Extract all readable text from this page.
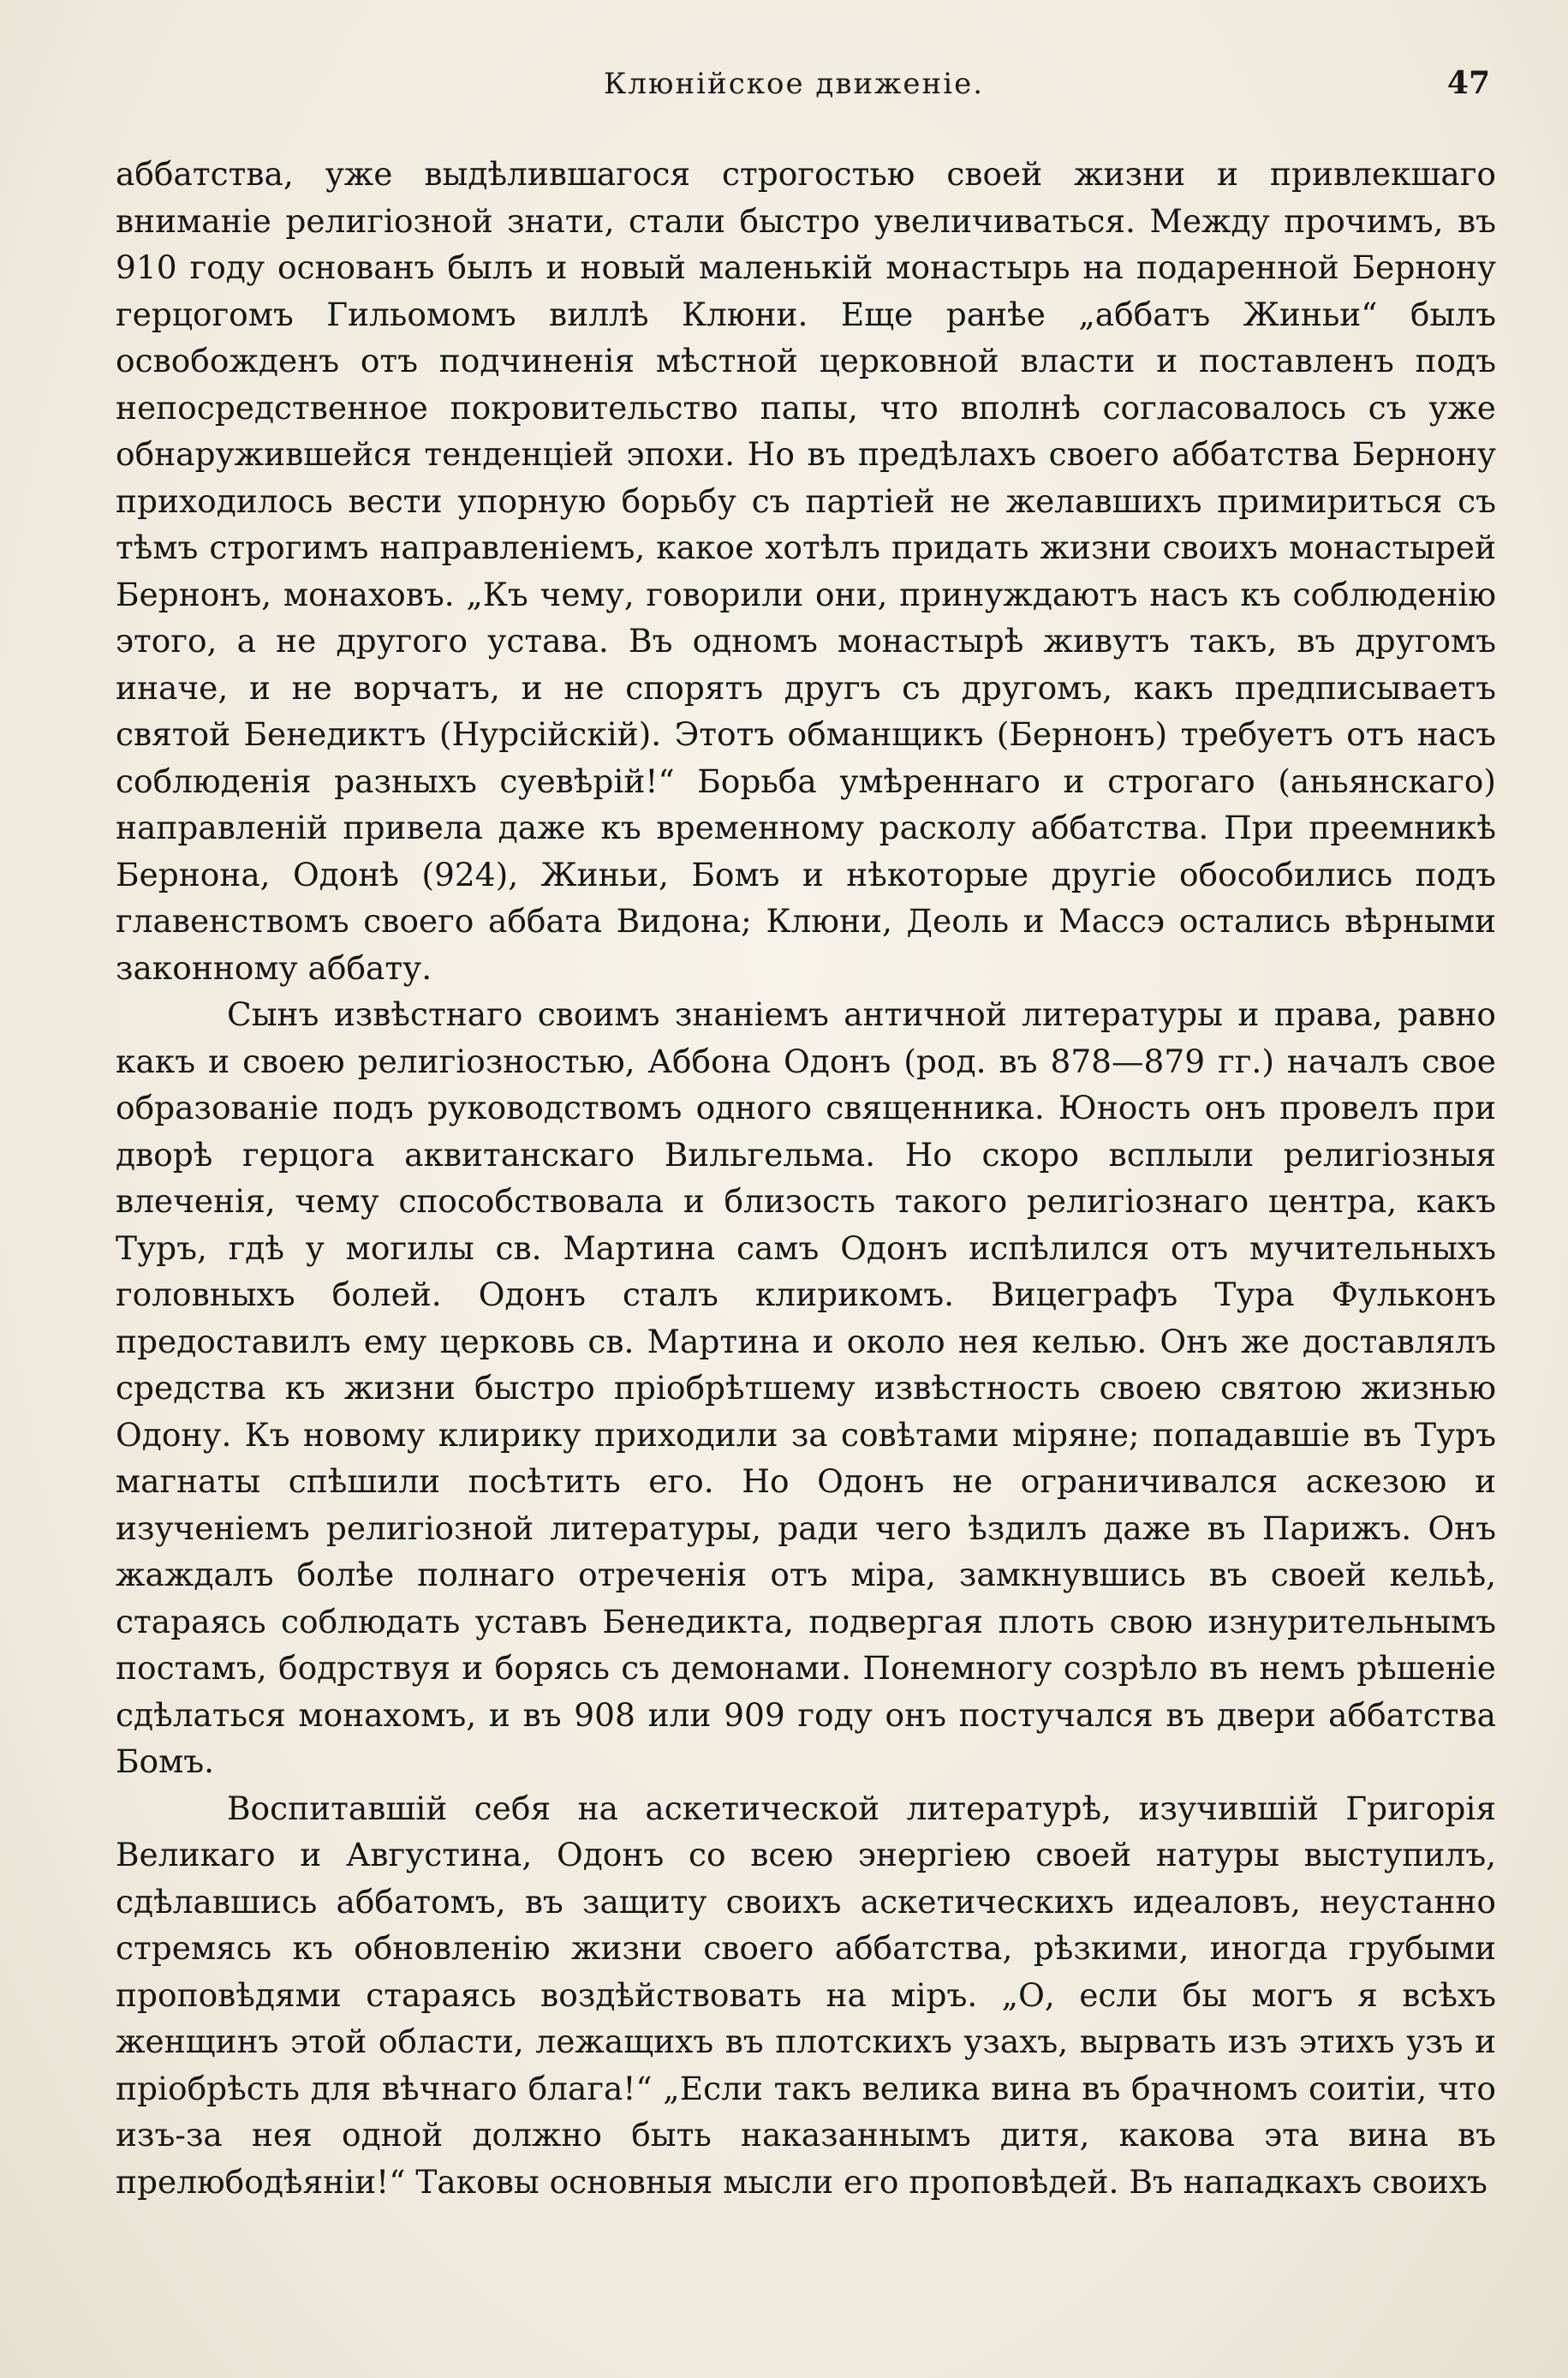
Клюнiйское движенiе.	47

аббатства, уже выдѣлившагося строгостью своей жизни и привлекшаго вниманiе религiозной знати, стали быстро увеличиваться. Между прочимъ, въ 910 году основанъ былъ и новый маленькiй монастырь на подаренной Бернону герцогомъ Гильомомъ виллѣ Клюни. Еще ранѣе „аббатъ Жиньи“ былъ освобожденъ отъ подчиненiя мѣстной церковной власти и поставленъ подъ непосредственное покровительство папы, что вполнѣ согласовалось съ уже обнаружившейся тенденцiей эпохи. Но въ предѣлахъ своего аббатства Бернону приходилось вести упорную борьбу съ партiей не желавшихъ примириться съ тѣмъ строгимъ направленiемъ, какое хотѣлъ придать жизни своихъ монастырей Бернонъ, монаховъ. „Къ чему, говорили они, принуждаютъ насъ къ соблюденiю этого, а не другого устава. Въ одномъ монастырѣ живутъ такъ, въ другомъ иначе, и не ворчатъ, и не спорятъ другъ съ другомъ, какъ предписываетъ святой Бенедиктъ (Нурсiйскiй). Этотъ обманщикъ (Бернонъ) требуетъ отъ насъ соблюденiя разныхъ суевѣрiй!“ Борьба умѣреннаго и строгаго (аньянскаго) направленiй привела даже къ временному расколу аббатства. При преемникѣ Бернона, Одонѣ (924), Жиньи, Бомъ и нѣкоторые другiе обособились подъ главенствомъ своего аббата Видона; Клюни, Деоль и Массэ остались вѣрными законному аббату.

Сынъ извѣстнаго своимъ знанiемъ античной литературы и права, равно какъ и своею религiозностью, Аббона Одонъ (род. въ 878—879 гг.) началъ свое образованiе подъ руководствомъ одного священника. Юность онъ провелъ при дворѣ герцога аквитанскаго Вильгельма. Но скоро всплыли религiозныя влеченiя, чему способствовала и близость такого религiознаго центра, какъ Туръ, гдѣ у могилы св. Мартина самъ Одонъ испѣлился отъ мучительныхъ головныхъ болей. Одонъ сталъ клирикомъ. Вицеграфъ Тура Фульконъ предоставилъ ему церковь св. Мартина и около нея келью. Онъ же доставлялъ средства къ жизни быстро прiобрѣтшему извѣстность своею святою жизнью Одону. Къ новому клирику приходили за совѣтами мiряне; попадавшiе въ Туръ магнаты спѣшили посѣтить его. Но Одонъ не ограничивался аскезою и изученiемъ религiозной литературы, ради чего ѣздилъ даже въ Парижъ. Онъ жаждалъ болѣе полнаго отреченiя отъ мiра, замкнувшись въ своей кельѣ, стараясь соблюдать уставъ Бенедикта, подвергая плоть свою изнурительнымъ постамъ, бодрствуя и борясь съ демонами. Понемногу созрѣло въ немъ рѣшенiе сдѣлаться монахомъ, и въ 908 или 909 году онъ постучался въ двери аббатства Бомъ.

Воспитавшiй себя на аскетической литературѣ, изучившiй Григорiя Великаго и Августина, Одонъ со всею энергiею своей натуры выступилъ, сдѣлавшись аббатомъ, въ защиту своихъ аскетическихъ идеаловъ, неустанно стремясь къ обновленiю жизни своего аббатства, рѣзкими, иногда грубыми проповѣдями стараясь воздѣйствовать на мiръ. „О, если бы могъ я всѣхъ женщинъ этой области, лежащихъ въ плотскихъ узахъ, вырвать изъ этихъ узъ и прiобрѣсть для вѣчнаго блага!“ „Если такъ велика вина въ брачномъ соитiи, что изъ-за нея одной должно быть наказаннымъ дитя, какова эта вина въ прелюбодѣянiи!“ Таковы основныя мысли его проповѣдей. Въ нападкахъ своихъ
